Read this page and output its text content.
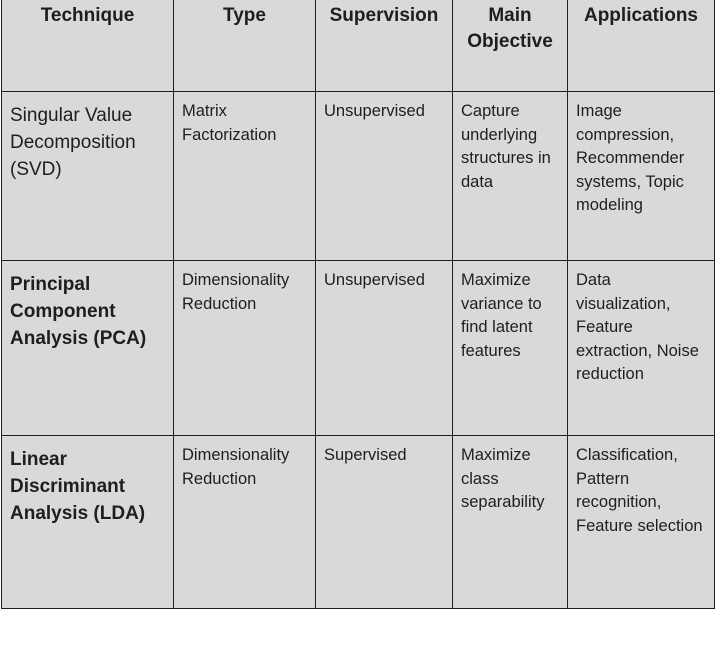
Technique	Type	Supervision	Main Objective	Applications

Singular Value Decomposition (SVD)	Matrix Factorization	Unsupervised	Capture underlying structures in data	Image compression, Recommender systems, Topic modeling

Principal Component Analysis (PCA)	Dimensionality Reduction	Unsupervised	Maximize variance to find latent features	Data visualization, Feature extraction, Noise reduction

Linear Discriminant Analysis (LDA)	Dimensionality Reduction	Supervised	Maximize class separability	Classification, Pattern recognition, Feature selection
